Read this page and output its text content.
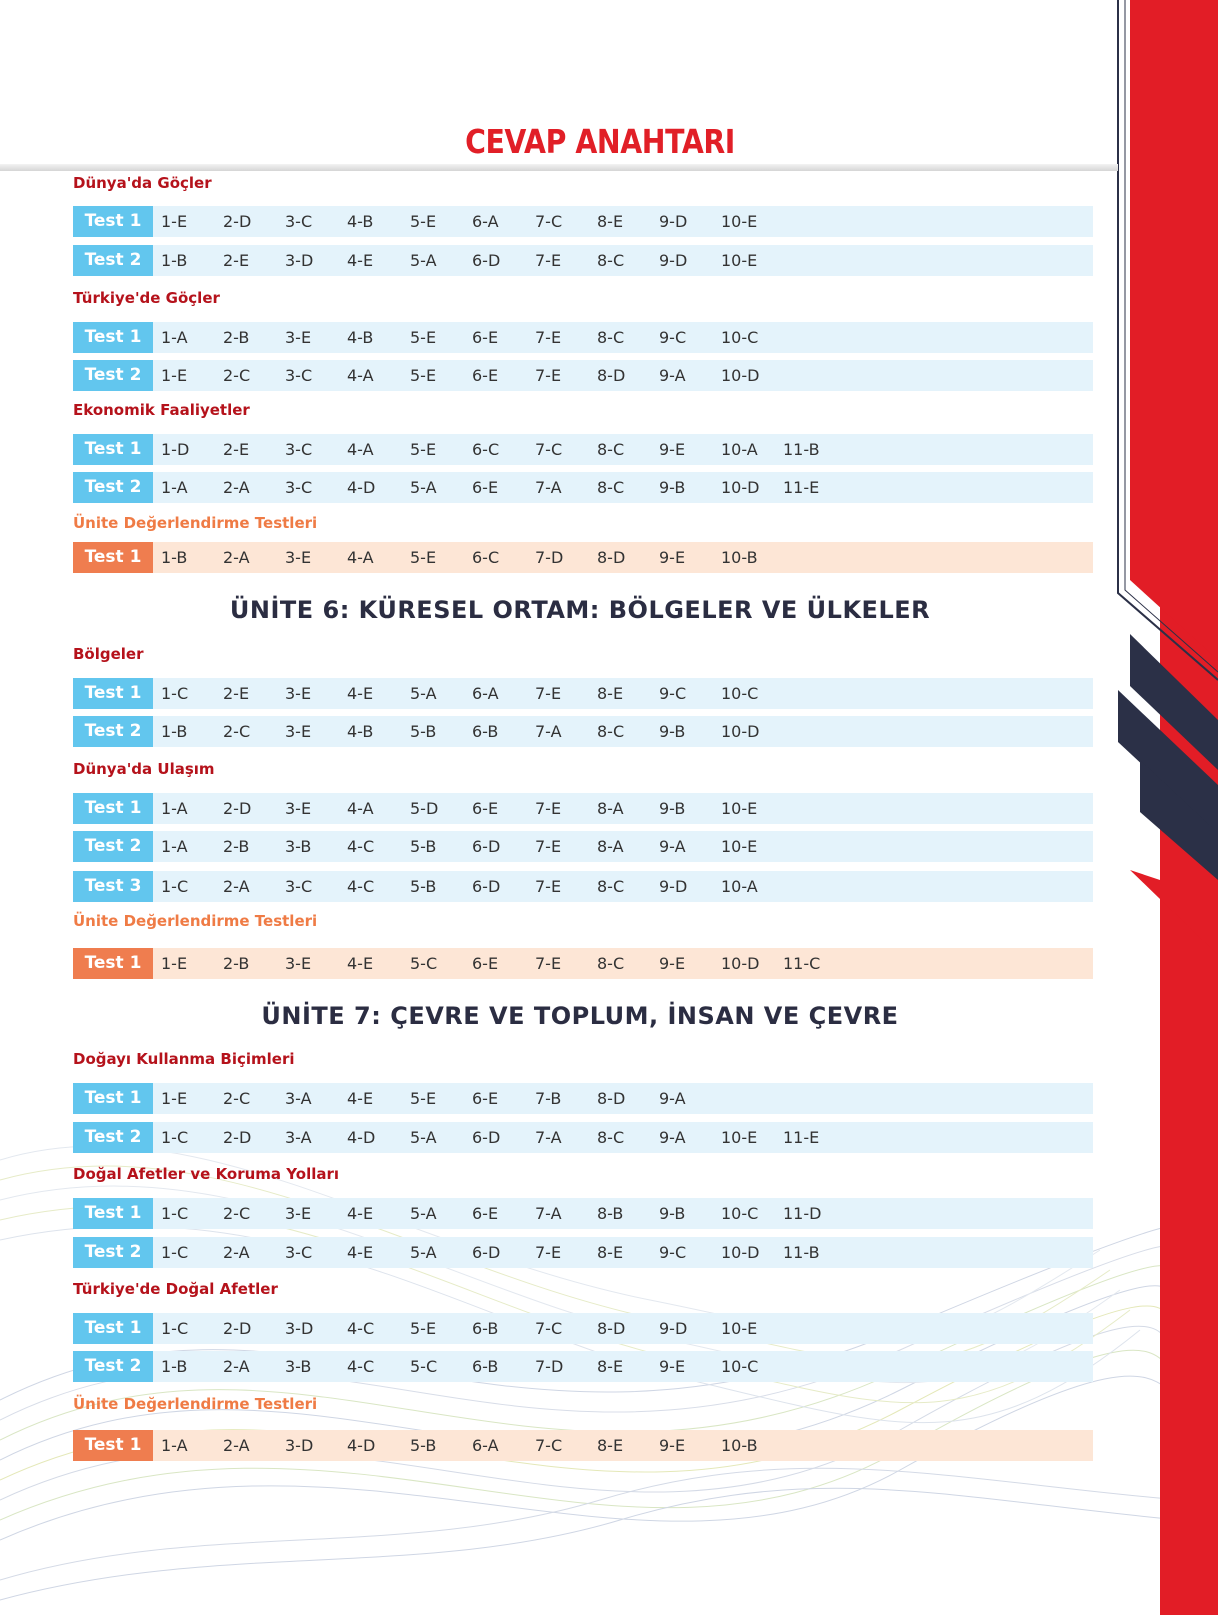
CEVAP ANAHTARI
Dünya'da Göçler
Test 1	1-E 2-D 3-C 4-B 5-E 6-A 7-C 8-E 9-D 10-E
Test 2	1-B 2-E 3-D 4-E 5-A 6-D 7-E 8-C 9-D 10-E
Türkiye'de Göçler
Test 1	1-A 2-B 3-E 4-B 5-E 6-E 7-E 8-C 9-C 10-C
Test 2	1-E 2-C 3-C 4-A 5-E 6-E 7-E 8-D 9-A 10-D
Ekonomik Faaliyetler
Test 1	1-D 2-E 3-C 4-A 5-E 6-C 7-C 8-C 9-E 10-A 11-B
Test 2	1-A 2-A 3-C 4-D 5-A 6-E 7-A 8-C 9-B 10-D 11-E
Ünite Değerlendirme Testleri
Test 1	1-B 2-A 3-E 4-A 5-E 6-C 7-D 8-D 9-E 10-B
ÜNİTE 6: KÜRESEL ORTAM: BÖLGELER VE ÜLKELER
Bölgeler
Test 1	1-C 2-E 3-E 4-E 5-A 6-A 7-E 8-E 9-C 10-C
Test 2	1-B 2-C 3-E 4-B 5-B 6-B 7-A 8-C 9-B 10-D
Dünya'da Ulaşım
Test 1	1-A 2-D 3-E 4-A 5-D 6-E 7-E 8-A 9-B 10-E
Test 2	1-A 2-B 3-B 4-C 5-B 6-D 7-E 8-A 9-A 10-E
Test 3	1-C 2-A 3-C 4-C 5-B 6-D 7-E 8-C 9-D 10-A
Ünite Değerlendirme Testleri
Test 1	1-E 2-B 3-E 4-E 5-C 6-E 7-E 8-C 9-E 10-D 11-C
ÜNİTE 7: ÇEVRE VE TOPLUM, İNSAN VE ÇEVRE
Doğayı Kullanma Biçimleri
Test 1	1-E 2-C 3-A 4-E 5-E 6-E 7-B 8-D 9-A
Test 2	1-C 2-D 3-A 4-D 5-A 6-D 7-A 8-C 9-A 10-E 11-E
Doğal Afetler ve Koruma Yolları
Test 1	1-C 2-C 3-E 4-E 5-A 6-E 7-A 8-B 9-B 10-C 11-D
Test 2	1-C 2-A 3-C 4-E 5-A 6-D 7-E 8-E 9-C 10-D 11-B
Türkiye'de Doğal Afetler
Test 1	1-C 2-D 3-D 4-C 5-E 6-B 7-C 8-D 9-D 10-E
Test 2	1-B 2-A 3-B 4-C 5-C 6-B 7-D 8-E 9-E 10-C
Ünite Değerlendirme Testleri
Test 1	1-A 2-A 3-D 4-D 5-B 6-A 7-C 8-E 9-E 10-B
